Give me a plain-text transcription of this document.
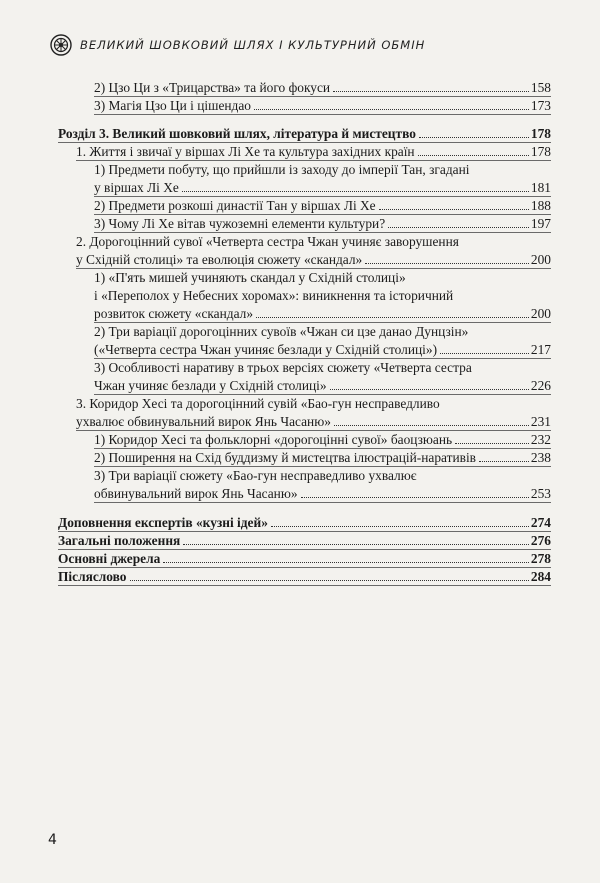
ВЕЛИКИЙ ШОВКОВИЙ ШЛЯХ І КУЛЬТУРНИЙ ОБМІН
2) Цзо Ци з «Трицарства» та його фокуси	158
3) Магія Цзо Ци і цішендао	173
Розділ 3. Великий шовковий шлях, література й мистецтво	178
1. Життя і звичаї у віршах Лі Хе та культура західних країн	178
1) Предмети побуту, що прийшли із заходу до імперії Тан, згадані
у віршах Лі Хе	181
2) Предмети розкоші династії Тан у віршах Лі Хе	188
3) Чому Лі Хе вітав чужоземні елементи культури?	197
2. Дорогоцінний сувої «Четверта сестра Чжан учиняє заворушення
у Східній столиці» та еволюція сюжету «скандал»	200
1) «П'ять мишей учиняють скандал у Східній столиці»
і «Переполох у Небесних хоромах»: виникнення та історичний
розвиток сюжету «скандал»	200
2) Три варіації дорогоцінних сувоїв «Чжан си цзе данао Дунцзін»
(«Четверта сестра Чжан учиняє безлади у Східній столиці»)	217
3) Особливості наративу в трьох версіях сюжету «Четверта сестра
Чжан учиняє безлади у Східній столиці»	226
3. Коридор Хесі та дорогоцінний сувій «Бао-гун несправедливо
ухвалює обвинувальний вирок Янь Часаню»	231
1) Коридор Хесі та фольклорні «дорогоцінні сувої» баоцзюань	232
2) Поширення на Схід буддизму й мистецтва ілюстрацій-наративів	238
3) Три варіації сюжету «Бао-гун несправедливо ухвалює
обвинувальний вирок Янь Часаню»	253
Доповнення експертів «кузні ідей»	274
Загальні положення	276
Основні джерела	278
Післяслово	284
4
